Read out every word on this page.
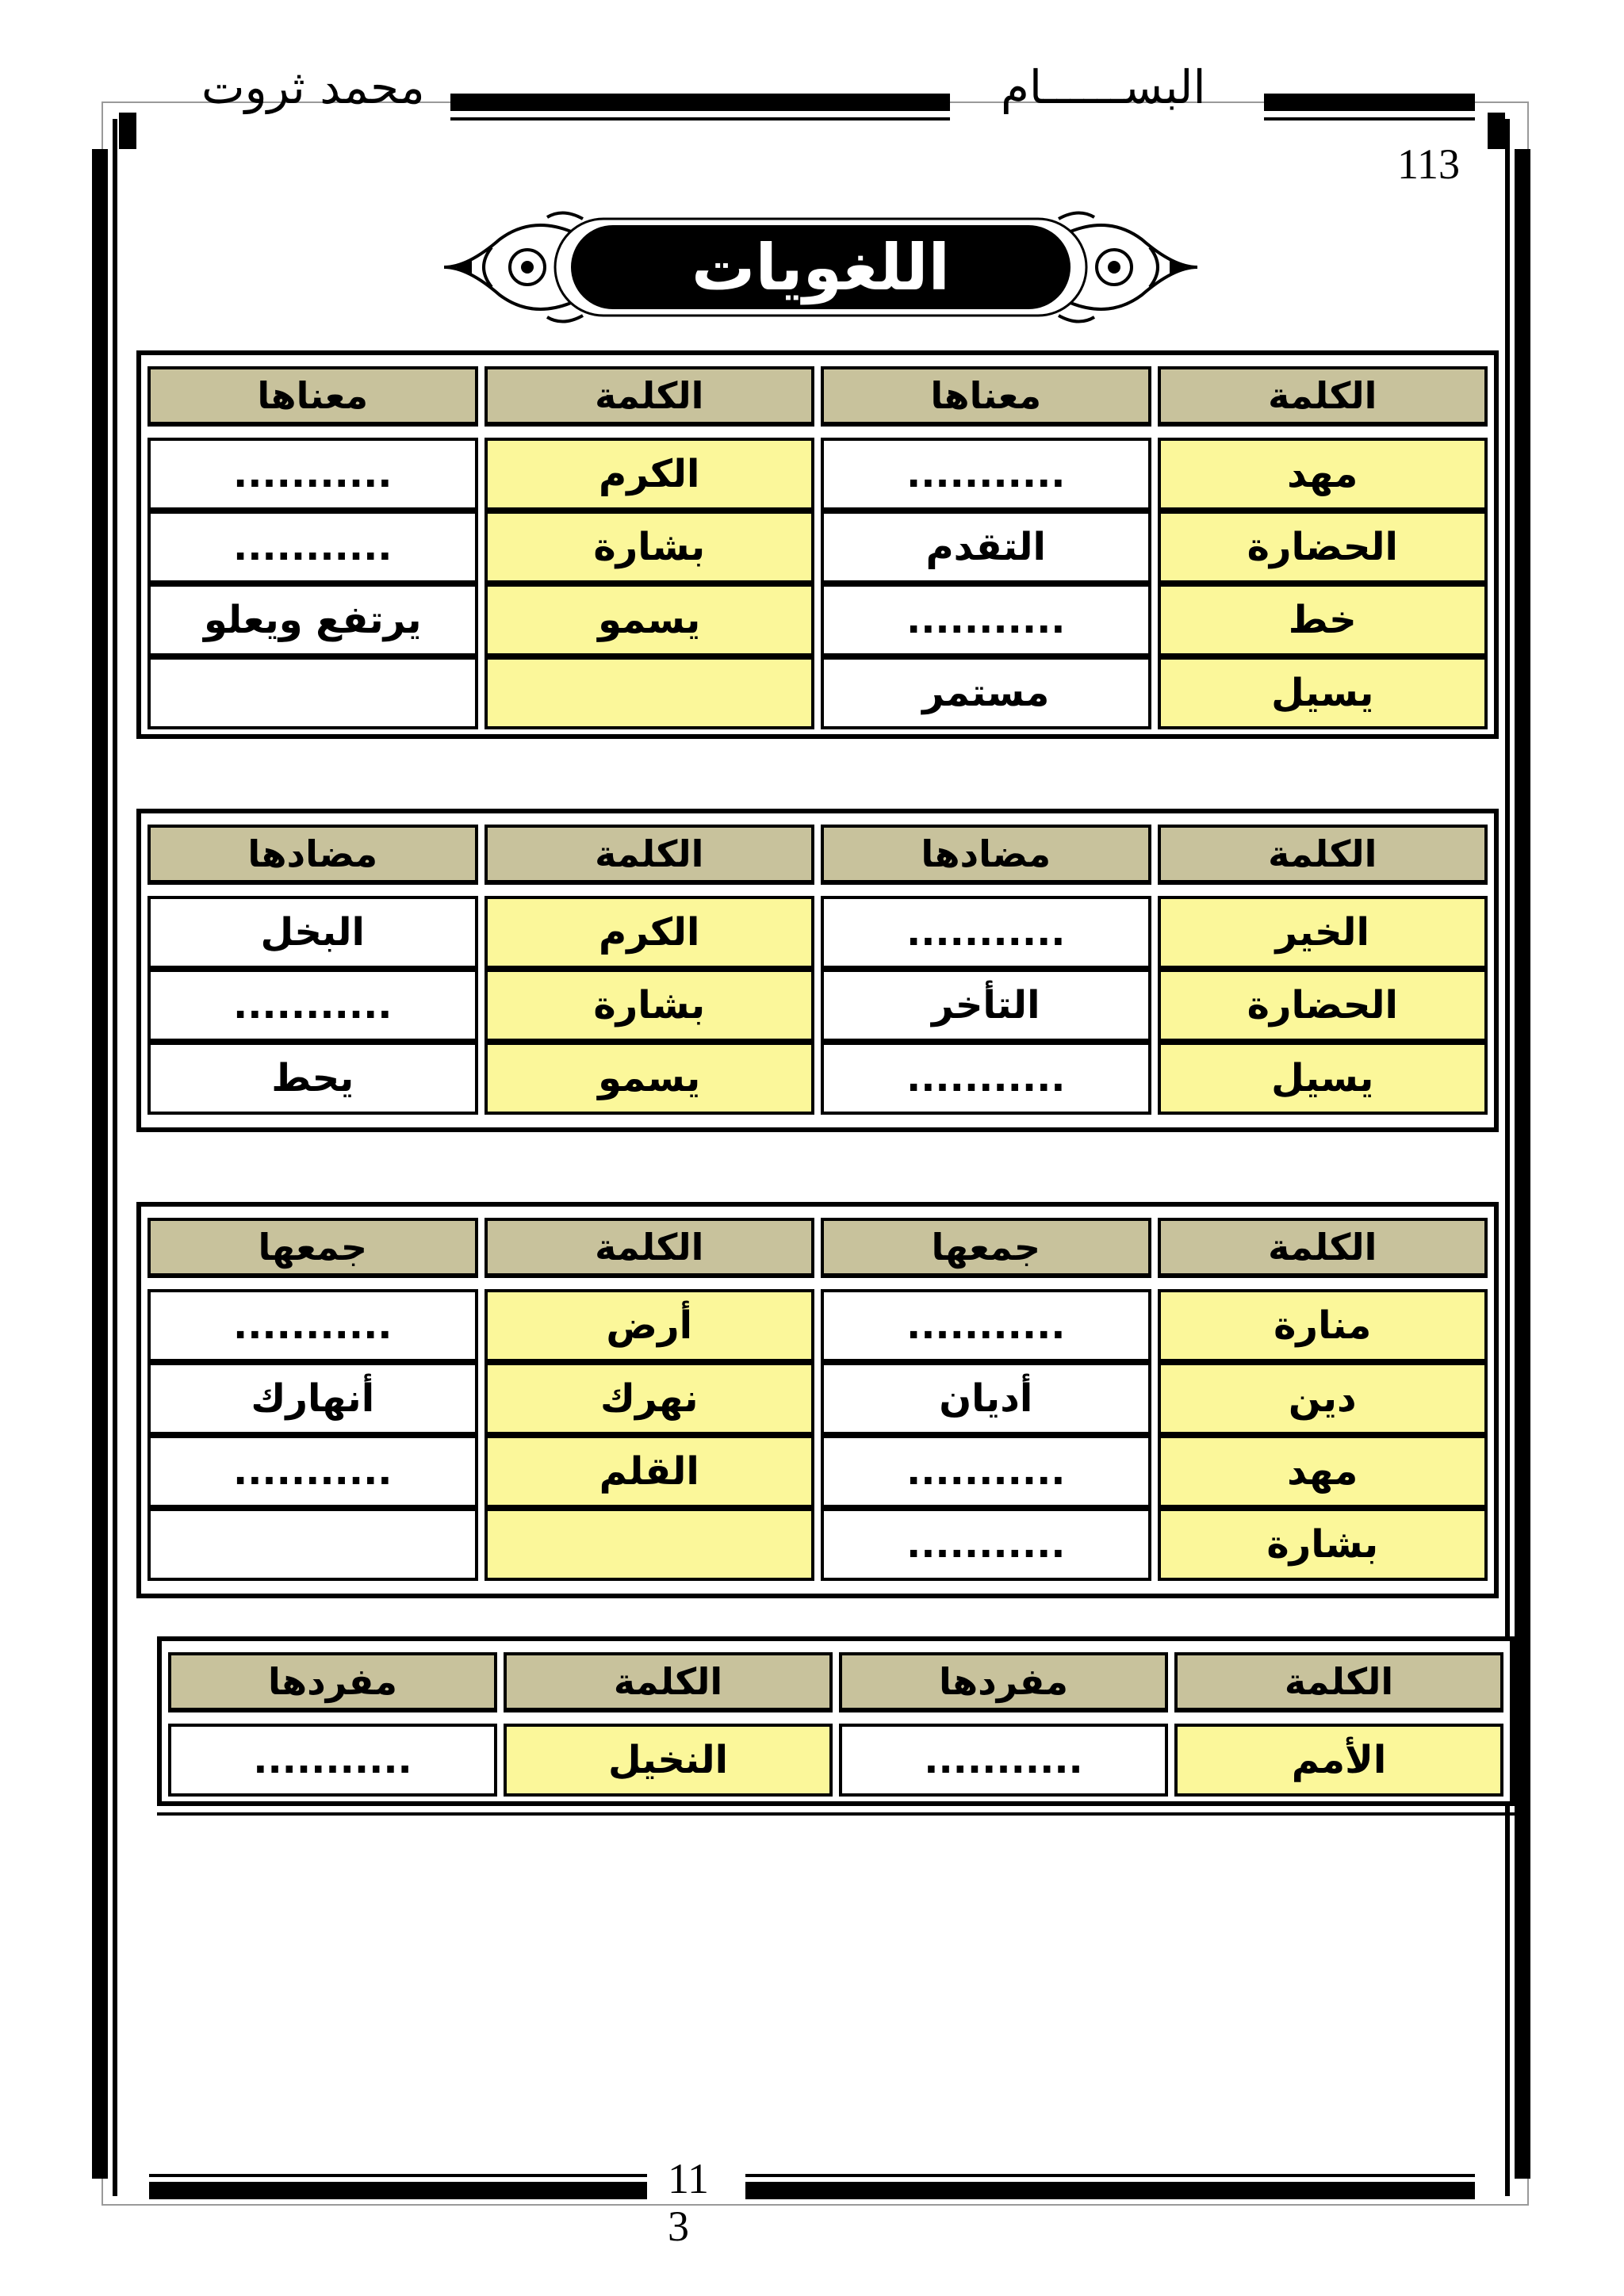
محمد ثروت	البســــــام
113
اللغويات

الكلمة	معناها	الكلمة	معناها

مهد	...........	الكرم	...........
الحضارة	التقدم	بشارة	...........
خط	...........	يسمو	يرتفع ويعلو
يسيل	مستمر		

الكلمة	مضادها	الكلمة	مضادها

الخير	...........	الكرم	البخل
الحضارة	التأخر	بشارة	...........
يسيل	...........	يسمو	يحط

الكلمة	جمعها	الكلمة	جمعها

منارة	...........	أرض	...........
دين	أديان	نهرك	أنهارك
مهد	...........	القلم	...........
بشارة	...........		

الكلمة	مفردها	الكلمة	مفردها

الأمم	...........	النخيل	...........
11
3
